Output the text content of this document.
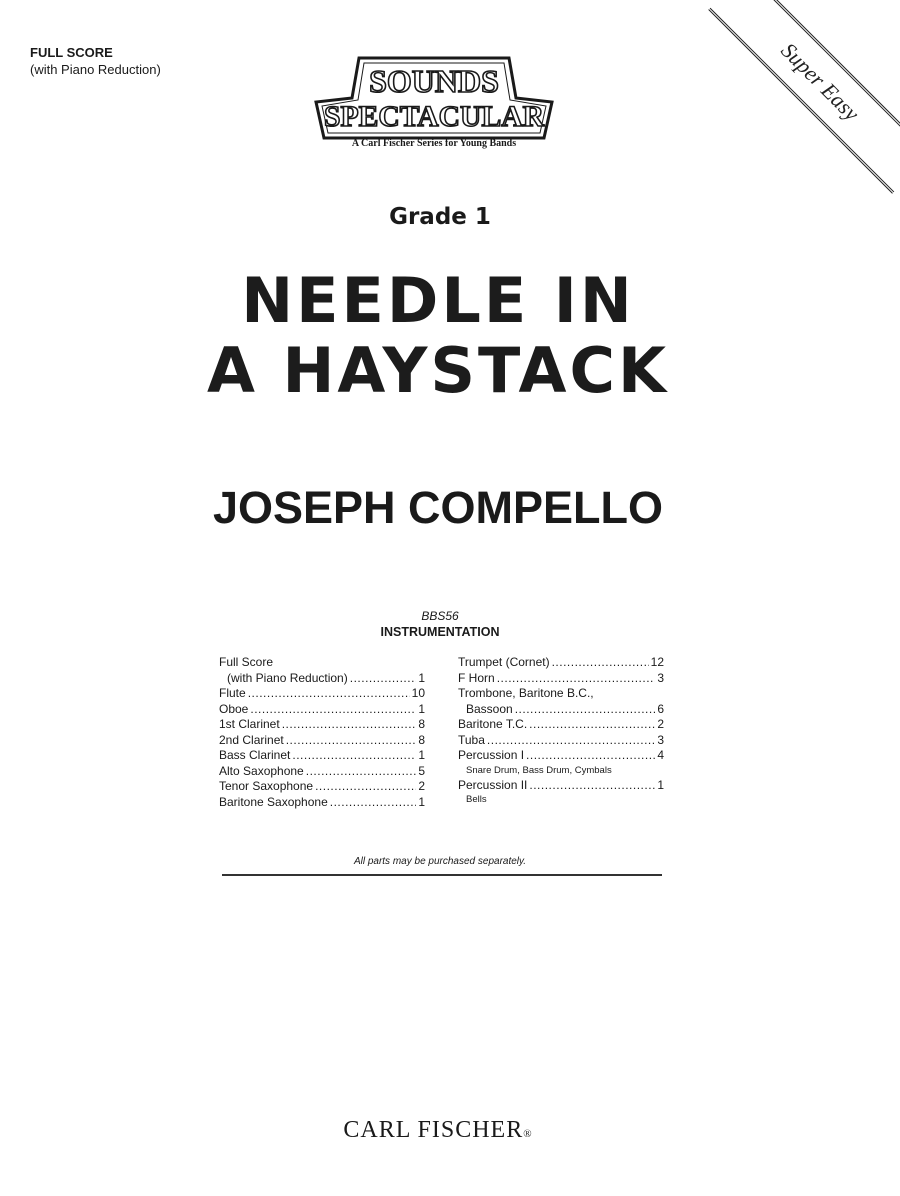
FULL SCORE
(with Piano Reduction)	Super Easy
SOUNDS
SPECTACULAR
A Carl Fischer Series for Young Bands
Grade 1
NEEDLE IN
A HAYSTACK
JOSEPH COMPELLO
BBS56
INSTRUMENTATION
Full Score
(with Piano Reduction) .....	1
Flute .....	10
Oboe .....	1
1st Clarinet .....	8
2nd Clarinet .....	8
Bass Clarinet .....	1
Alto Saxophone .....	5
Tenor Saxophone .....	2
Baritone Saxophone .....	1
Trumpet (Cornet) .....	12
F Horn .....	3
Trombone, Baritone B.C.,
Bassoon .....	6
Baritone T.C. .....	2
Tuba .....	3
Percussion I .....	4
Snare Drum, Bass Drum, Cymbals
Percussion II .....	1
Bells
All parts may be purchased separately.
CARL FISCHER®
